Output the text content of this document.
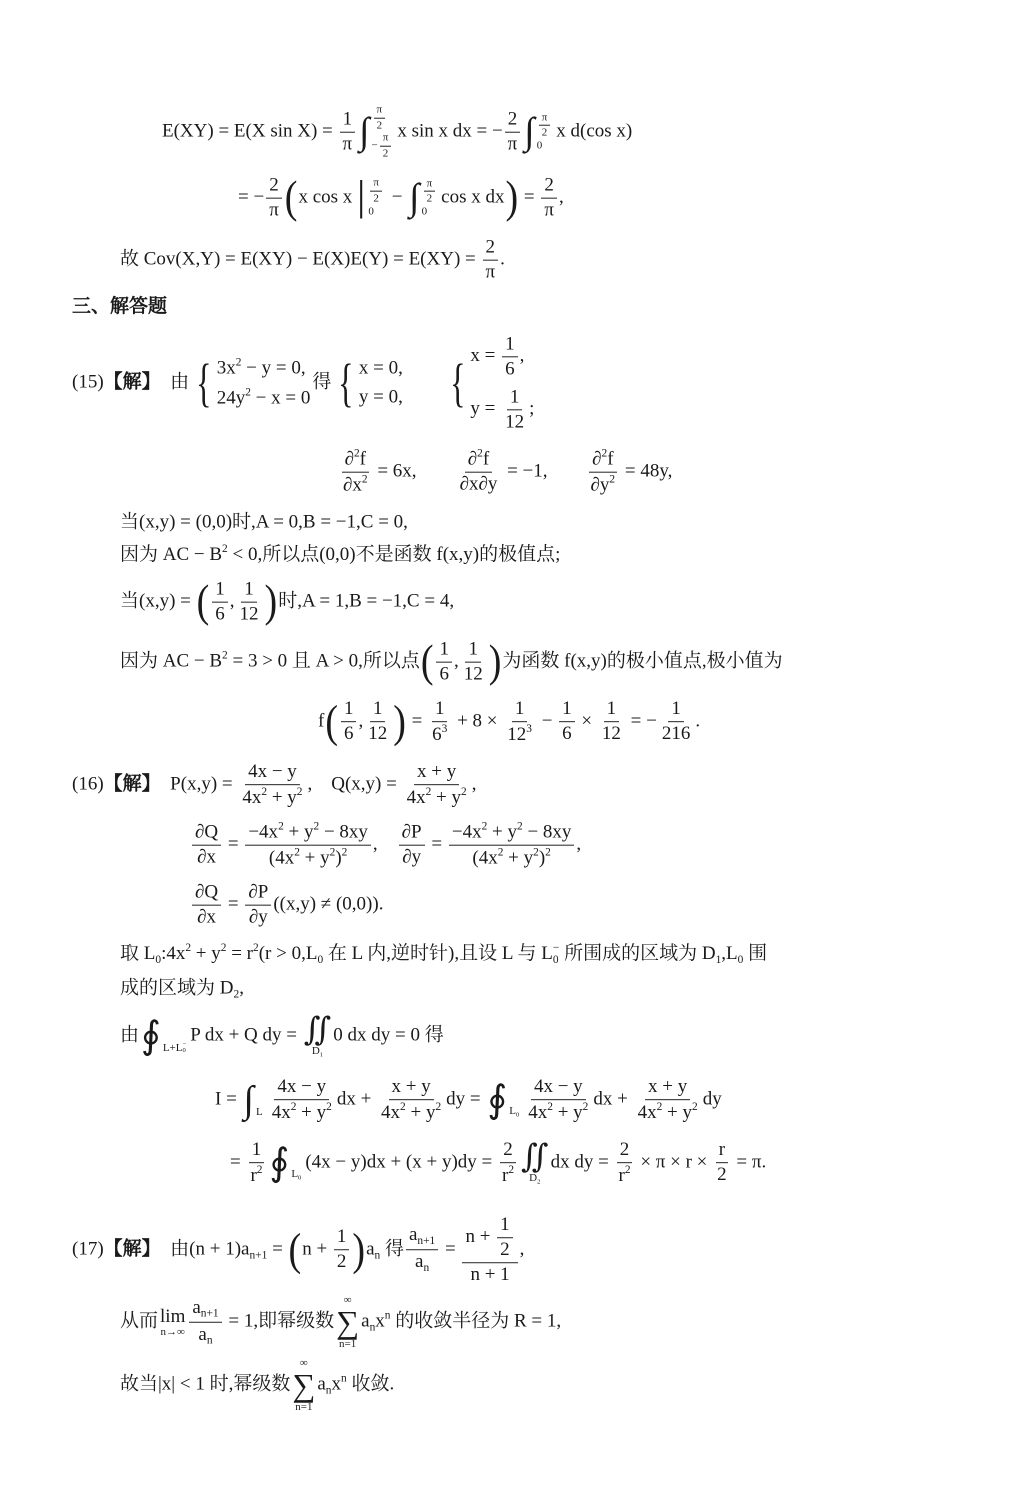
E(XY) = E(X $\sin X) = \frac{1}{\pi}$ ∫ $\frac{\pi}{2}$
− $\frac{\pi}{2}$
x sin x dx = − $\frac{2}{\pi}$ ∫ $\frac{\pi}{2}$
0
x d(cos x)
= − $\frac{2}{\pi} (x$ cos x | $\frac{\pi}{2}$
0
− ∫ $\frac{\pi}{2}$
0
cos x $dx) = \frac{2}{\pi}$ ,
故 $Cov(X,Y) = E(XY) - E(X)E(Y) = E(XY) = \frac{2}{\pi}$ .
三、解答题
(15)【解】　由 { $3x^2 - y = 0$,
$24y^2 - x = 0$
得 { x = 0,
y = 0,
　　 { $x = \frac{1}{6}$ ,
$y = \frac{1}{12}$ ;
$\frac{\partial^2f}{\partial x^2} = 6x$,　　 $\frac{\partial^2f}{\partial x\partial y} = -1$,　　 $\frac{\partial^2f}{\partial y^2} = 48y$,
当(x,y) = (0,0)时,A = 0,B = −1,C = 0,
因为 AC − $B^2 < 0$,所以点(0,0)不是函数 f(x,y)的极值点;
当(x,y) = ( $\frac{1}{6}$ , $\frac{1}{12}$ )时,A = 1,B = −1,C = 4,
因为 AC − $B^2 = 3 > 0$ 且 A > 0,所以点( $\frac{1}{6}$ , $\frac{1}{12}$ )为函数 f(x,y)的极小值点,极小值为
$f( \frac{1}{6}$ , $\frac{1}{12}$ ) = $\frac{1}{6^3} + 8 \times \frac{1}{12^3} - \frac{1}{6} \times \frac{1}{12}$ = − $\frac{1}{216}$ .
(16)【解】　$P(x,y) = \frac{4x - y}{4x^2 + y^2}$ ,　$Q(x,y) = \frac{x + y}{4x^2 + y^2}$ ,
$\frac{\partial Q}{\partial x} = \frac{-4x^2 + y^2 - 8xy}{(4x^2 + y^2)^2}$ ,　 $\frac{\partial P}{\partial y} = \frac{-4x^2 + y^2 - 8xy}{(4x^2 + y^2)^2}$ ,
$\frac{\partial Q}{\partial x} = \frac{\partial P}{\partial y} ((x,y) \ne (0,0))$.
取 $L_0:4x^2 + y^2 = r^2(r > 0,L_0$ 在 L 内,逆时针),且设 L 与 L −
0 所围成的区域为 $D_1,L_0$ 围
成的区域为 $D_2$,
由 ∮ L+L −
0
P dx + Q dy = ∬
$D_1$
0 dx dy = 0 得
I = ∫ L $\frac{4x - y}{4x^2 + y^2}$ dx + $\frac{x + y}{4x^2 + y^2}$ dy = ∮ $L_0 \frac{4x - y}{4x^2 + y^2}$ dx + $\frac{x + y}{4x^2 + y^2}$ dy
= $\frac{1}{r^2}$ ∮ $L_0$
$(4x - y)dx + (x + y)dy = \frac{2}{r^2}$ ∬
$D_2$
dx dy = $\frac{2}{r^2} \times \pi \times r \times \frac{r}{2} = \pi$.
(17)【解】　由$(n + 1)a_{n+1} = (n + \frac{1}{2} )a_n$ 得 $\frac{a_{n+1}}{a_n} = \frac{n + \frac{1}{2}}{n + 1}$ ,
从而 lim
$n\to\infty \frac{a_{n+1}}{a_n} = 1$,即幂级数
∞
∑
n=1
$a_nx^n$ 的收敛半径为 R = 1,
故当|x| < 1 时,幂级数
∞
∑
n=1
$a_nx^n$ 收敛.
